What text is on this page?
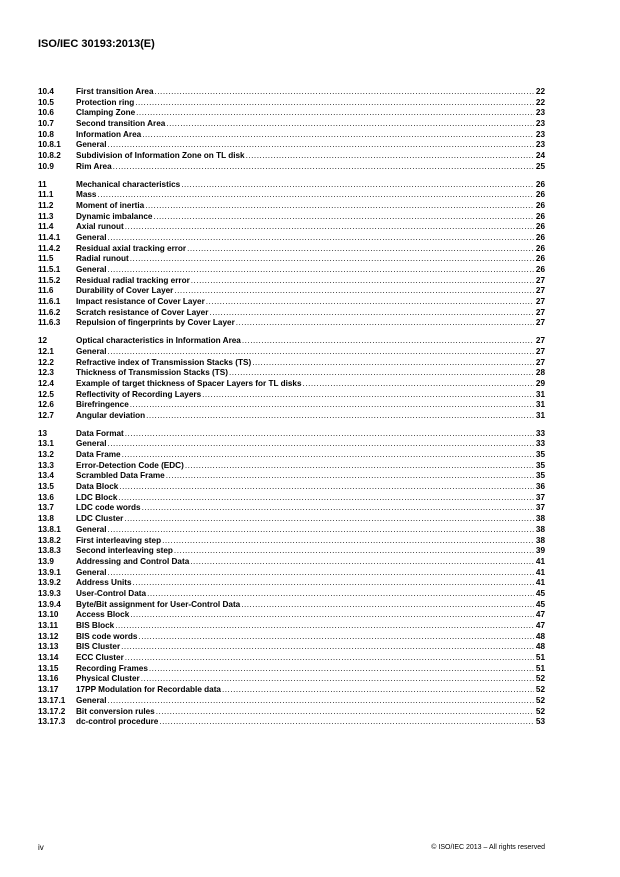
ISO/IEC 30193:2013(E)
10.4	First transition Area .....	22
10.5	Protection ring .....	22
10.6	Clamping Zone .....	23
10.7	Second transition Area .....	23
10.8	Information Area .....	23
10.8.1	General .....	23
10.8.2	Subdivision of Information Zone on TL disk .....	24
10.9	Rim Area .....	25
11	Mechanical characteristics .....	26
11.1	Mass .....	26
11.2	Moment of inertia .....	26
11.3	Dynamic imbalance .....	26
11.4	Axial runout .....	26
11.4.1	General .....	26
11.4.2	Residual axial tracking error .....	26
11.5	Radial runout .....	26
11.5.1	General .....	26
11.5.2	Residual radial tracking error .....	27
11.6	Durability of Cover Layer .....	27
11.6.1	Impact resistance of Cover Layer .....	27
11.6.2	Scratch resistance of Cover Layer .....	27
11.6.3	Repulsion of fingerprints by Cover Layer .....	27
12	Optical characteristics in Information Area .....	27
12.1	General .....	27
12.2	Refractive index of Transmission Stacks (TS) .....	27
12.3	Thickness of Transmission Stacks (TS) .....	28
12.4	Example of target thickness of Spacer Layers for TL disks .....	29
12.5	Reflectivity of Recording Layers .....	31
12.6	Birefringence .....	31
12.7	Angular deviation .....	31
13	Data Format .....	33
13.1	General .....	33
13.2	Data Frame .....	35
13.3	Error-Detection Code (EDC) .....	35
13.4	Scrambled Data Frame .....	35
13.5	Data Block .....	36
13.6	LDC Block .....	37
13.7	LDC code words .....	37
13.8	LDC Cluster .....	38
13.8.1	General .....	38
13.8.2	First interleaving step .....	38
13.8.3	Second interleaving step .....	39
13.9	Addressing and Control Data .....	41
13.9.1	General .....	41
13.9.2	Address Units .....	41
13.9.3	User-Control Data .....	45
13.9.4	Byte/Bit assignment for User-Control Data .....	45
13.10	Access Block .....	47
13.11	BIS Block .....	47
13.12	BIS code words .....	48
13.13	BIS Cluster .....	48
13.14	ECC Cluster .....	51
13.15	Recording Frames .....	51
13.16	Physical Cluster .....	52
13.17	17PP Modulation for Recordable data .....	52
13.17.1	General .....	52
13.17.2	Bit conversion rules .....	52
13.17.3	dc-control procedure .....	53
iv	© ISO/IEC 2013 – All rights reserved
